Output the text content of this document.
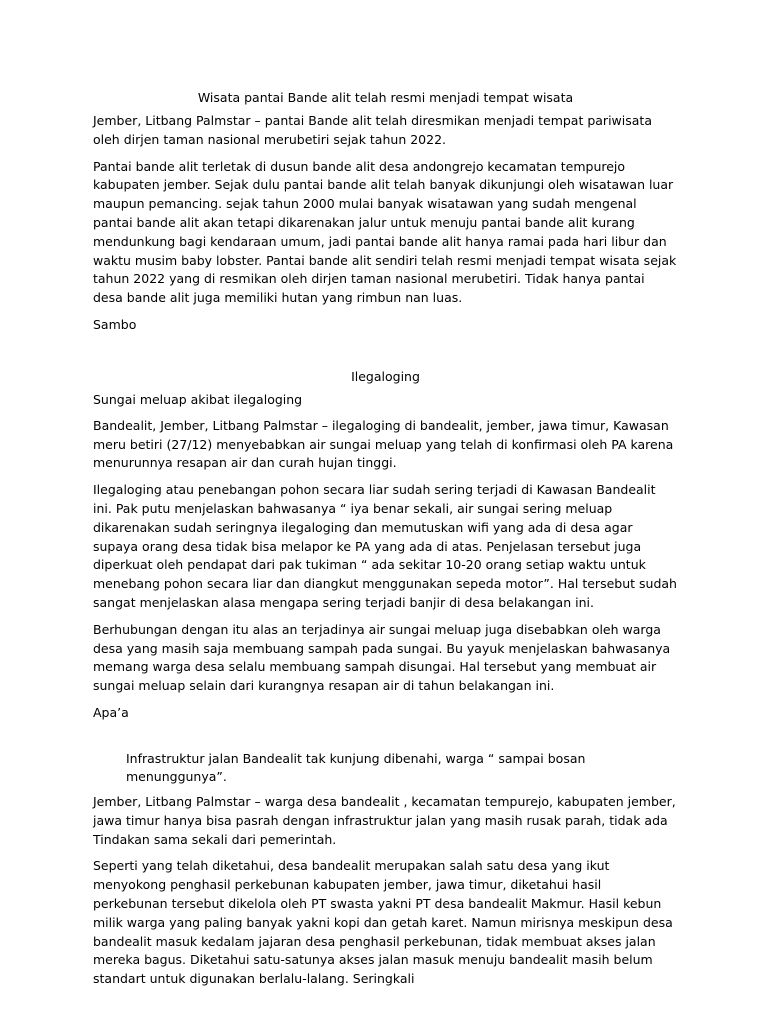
Wisata pantai Bande alit telah resmi menjadi tempat wisata

Jember, Litbang Palmstar – pantai Bande alit telah diresmikan menjadi tempat pariwisata oleh dirjen taman nasional merubetı̇ri sejak tahun 2022.

Pantai bande alit terletak di dusun bande alit desa andongrejo kecamatan tempurejo kabupaten jember. Sejak dulu pantai bande alit telah banyak dikunjungi oleh wisatawan luar maupun pemancing. sejak tahun 2000 mulai banyak wisatawan yang sudah mengenal pantai bande alit akan tetapi dikarenakan jalur untuk menuju pantai bande alit kurang mendunkung bagi kendaraan umum, jadi pantai bande alit hanya ramai pada hari libur dan waktu musim baby lobster. Pantai bande alit sendiri telah resmi menjadi tempat wisata sejak tahun 2022 yang di resmikan oleh dirjen taman nasional merubetı̇ri. Tidak hanya pantai desa bande alit juga memiliki hutan yang rimbun nan luas.

Sambo

Ilegaloging

Sungai meluap akibat ilegaloging

Bandealit, Jember, Litbang Palmstar – ilegaloging di bandealit, jember, jawa tı̇mur, Kawasan meru betı̇ri (27/12) menyebabkan air sungai meluap yang telah di konfirmasi oleh PA karena menurunnya resapan air dan curah hujan tı̇nggi.

Ilegaloging atau penebangan pohon secara liar sudah sering terjadi di Kawasan Bandealit ini. Pak putu menjelaskan bahwasanya “ iya benar sekali, air sungai sering meluap dikarenakan sudah seringnya ilegaloging dan memutuskan wifi yang ada di desa agar supaya orang desa tı̇dak bisa melapor ke PA yang ada di atas. Penjelasan tersebut juga diperkuat oleh pendapat dari pak tukiman “ ada sekitar 10-20 orang setı̇ap waktu untuk menebang pohon secara liar dan diangkut menggunakan sepeda motor”. Hal tersebut sudah sangat menjelaskan alasa mengapa sering terjadi banjir di desa belakangan ini.

Berhubungan dengan itu alas an terjadinya air sungai meluap juga disebabkan oleh warga desa yang masih saja membuang sampah pada sungai. Bu yayuk menjelaskan bahwasanya memang warga desa selalu membuang sampah disungai. Hal tersebut yang membuat air sungai meluap selain dari kurangnya resapan air di tahun belakangan ini.

Apa’a

Infrastruktur jalan Bandealit tak kunjung dibenahi, warga “ sampai bosan menunggunya”.

Jember, Litbang Palmstar – warga desa bandealit , kecamatan tempurejo, kabupaten jember, jawa tı̇mur hanya bisa pasrah dengan infrastruktur jalan yang masih rusak parah, tı̇dak ada Tindakan sama sekali dari pemerintah.

Sepertı̇ yang telah diketahui, desa bandealit merupakan salah satu desa yang ikut menyokong penghasil perkebunan kabupaten jember, jawa tı̇mur, diketahui hasil perkebunan tersebut dikelola oleh PT swasta yakni PT desa bandealit Makmur. Hasil kebun milik warga yang paling banyak yakni kopi dan getah karet. Namun mirisnya meskipun desa bandealit masuk kedalam jajaran desa penghasil perkebunan, tı̇dak membuat akses jalan mereka bagus. Diketahui satu-satunya akses jalan masuk menuju bandealit masih belum standart untuk digunakan berlalu-lalang. Seringkali
